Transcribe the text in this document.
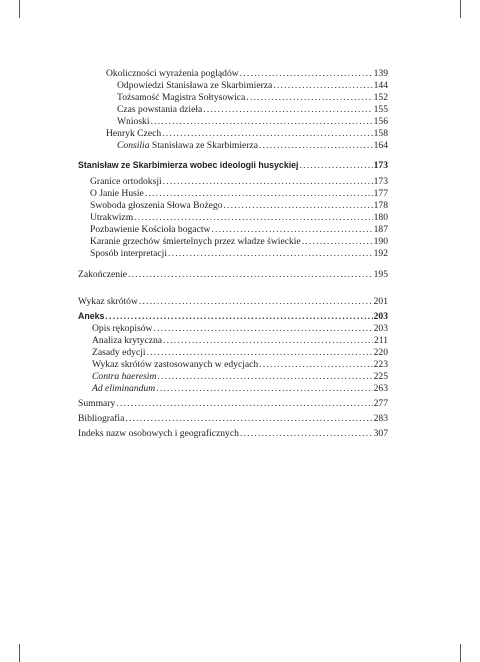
Okoliczności wyrażenia poglądów .....	139
Odpowiedzi Stanisława ze Skarbimierza .....	144
Tożsamość Magistra Sołtysowica .....	152
Czas powstania dzieła .....	155
Wnioski .....	156
Henryk Czech .....	158
Consilia Stanisława ze Skarbimierza .....	164
Stanisław ze Skarbimierza wobec ideologii husyckiej .....	173
Granice ortodoksji .....	173
O Janie Husie .....	177
Swoboda głoszenia Słowa Bożego .....	178
Utrakwizm .....	180
Pozbawienie Kościoła bogactw .....	187
Karanie grzechów śmiertelnych przez władze świeckie .....	190
Sposób interpretacji .....	192
Zakończenie .....	195
Wykaz skrótów .....	201
Aneks .....	203
Opis rękopisów .....	203
Analiza krytyczna .....	211
Zasady edycji .....	220
Wykaz skrótów zastosowanych w edycjach .....	223
Contra haeresim .....	225
Ad eliminandum .....	263
Summary .....	277
Bibliografia .....	283
Indeks nazw osobowych i geograficznych .....	307
